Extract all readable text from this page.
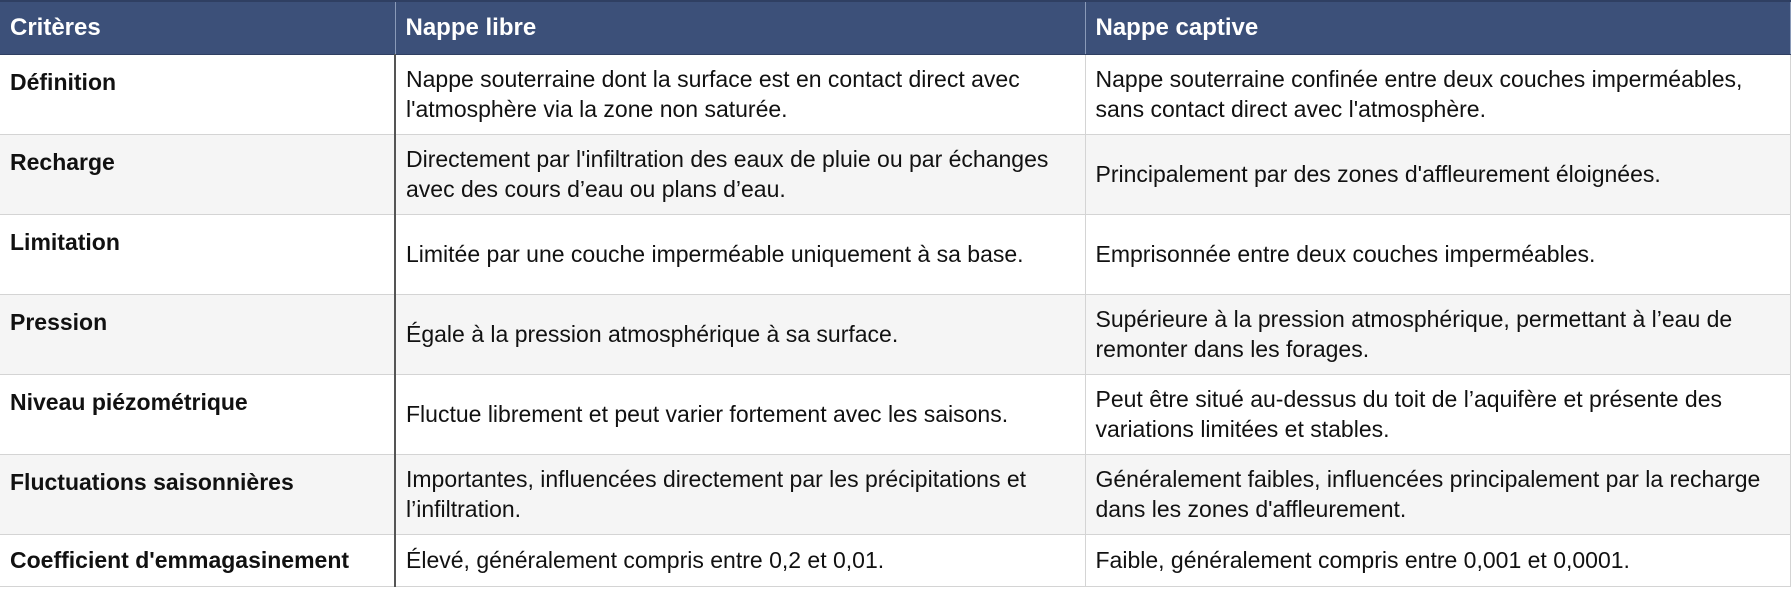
Critères	Nappe libre	Nappe captive
Définition	Nappe souterraine dont la surface est en contact direct avec l'atmosphère via la zone non saturée.	Nappe souterraine confinée entre deux couches imperméables, sans contact direct avec l'atmosphère.
Recharge	Directement par l'infiltration des eaux de pluie ou par échanges avec des cours d’eau ou plans d’eau.	Principalement par des zones d'affleurement éloignées.
Limitation	Limitée par une couche imperméable uniquement à sa base.	Emprisonnée entre deux couches imperméables.
Pression	Égale à la pression atmosphérique à sa surface.	Supérieure à la pression atmosphérique, permettant à l’eau de remonter dans les forages.
Niveau piézométrique	Fluctue librement et peut varier fortement avec les saisons.	Peut être situé au-dessus du toit de l’aquifère et présente des variations limitées et stables.
Fluctuations saisonnières	Importantes, influencées directement par les précipitations et l’infiltration.	Généralement faibles, influencées principalement par la recharge dans les zones d'affleurement.
Coefficient d'emmagasinement	Élevé, généralement compris entre 0,2 et 0,01.	Faible, généralement compris entre 0,001 et 0,0001.
